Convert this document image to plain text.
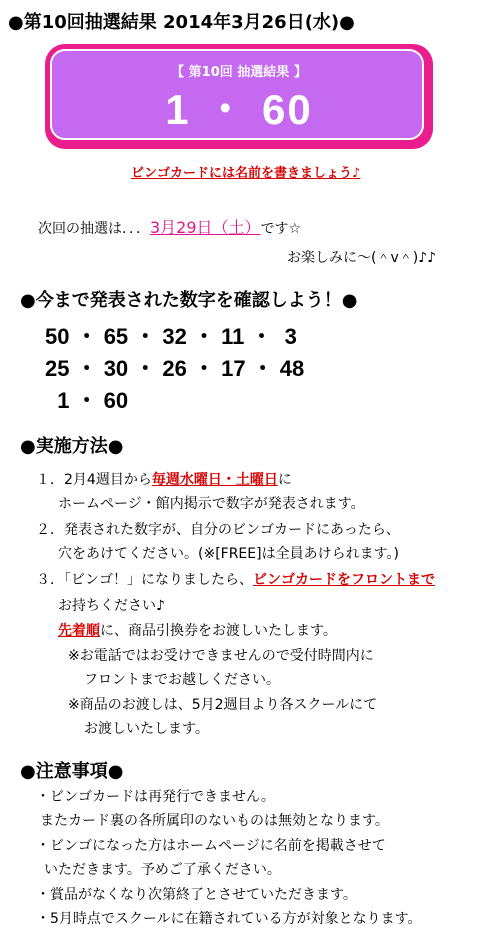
●第10回抽選結果 2014年3月26日(水)●
【 第10回 抽選結果 】
1 ・ 60
ビンゴカードには名前を書きましょう♪
次回の抽選は．．．3月29日（土）です☆
お楽しみに～(＾v＾)♪♪
●今まで発表された数字を確認しよう！●
50 ・ 65 ・ 32 ・ 11 ・  3
25 ・ 30 ・ 26 ・ 17 ・ 48
1 ・ 60
●実施方法●
１．2月4週目から毎週水曜日・土曜日に
ホームページ・館内掲示で数字が発表されます。
２．発表された数字が、自分のビンゴカードにあったら、
穴をあけてください。(※[FREE]は全員あけられます。)
３．「ビンゴ！」になりましたら、ビンゴカードをフロントまで
お持ちください♪
先着順に、商品引換券をお渡しいたします。
※お電話ではお受けできませんので受付時間内に
フロントまでお越しください。
※商品のお渡しは、5月2週目より各スクールにて
お渡しいたします。
●注意事項●
・ビンゴカードは再発行できません。
またカード裏の各所属印のないものは無効となります。
・ビンゴになった方はホームページに名前を掲載させて
いただきます。予めご了承ください。
・賞品がなくなり次第終了とさせていただきます。
・5月時点でスクールに在籍されている方が対象となります。
